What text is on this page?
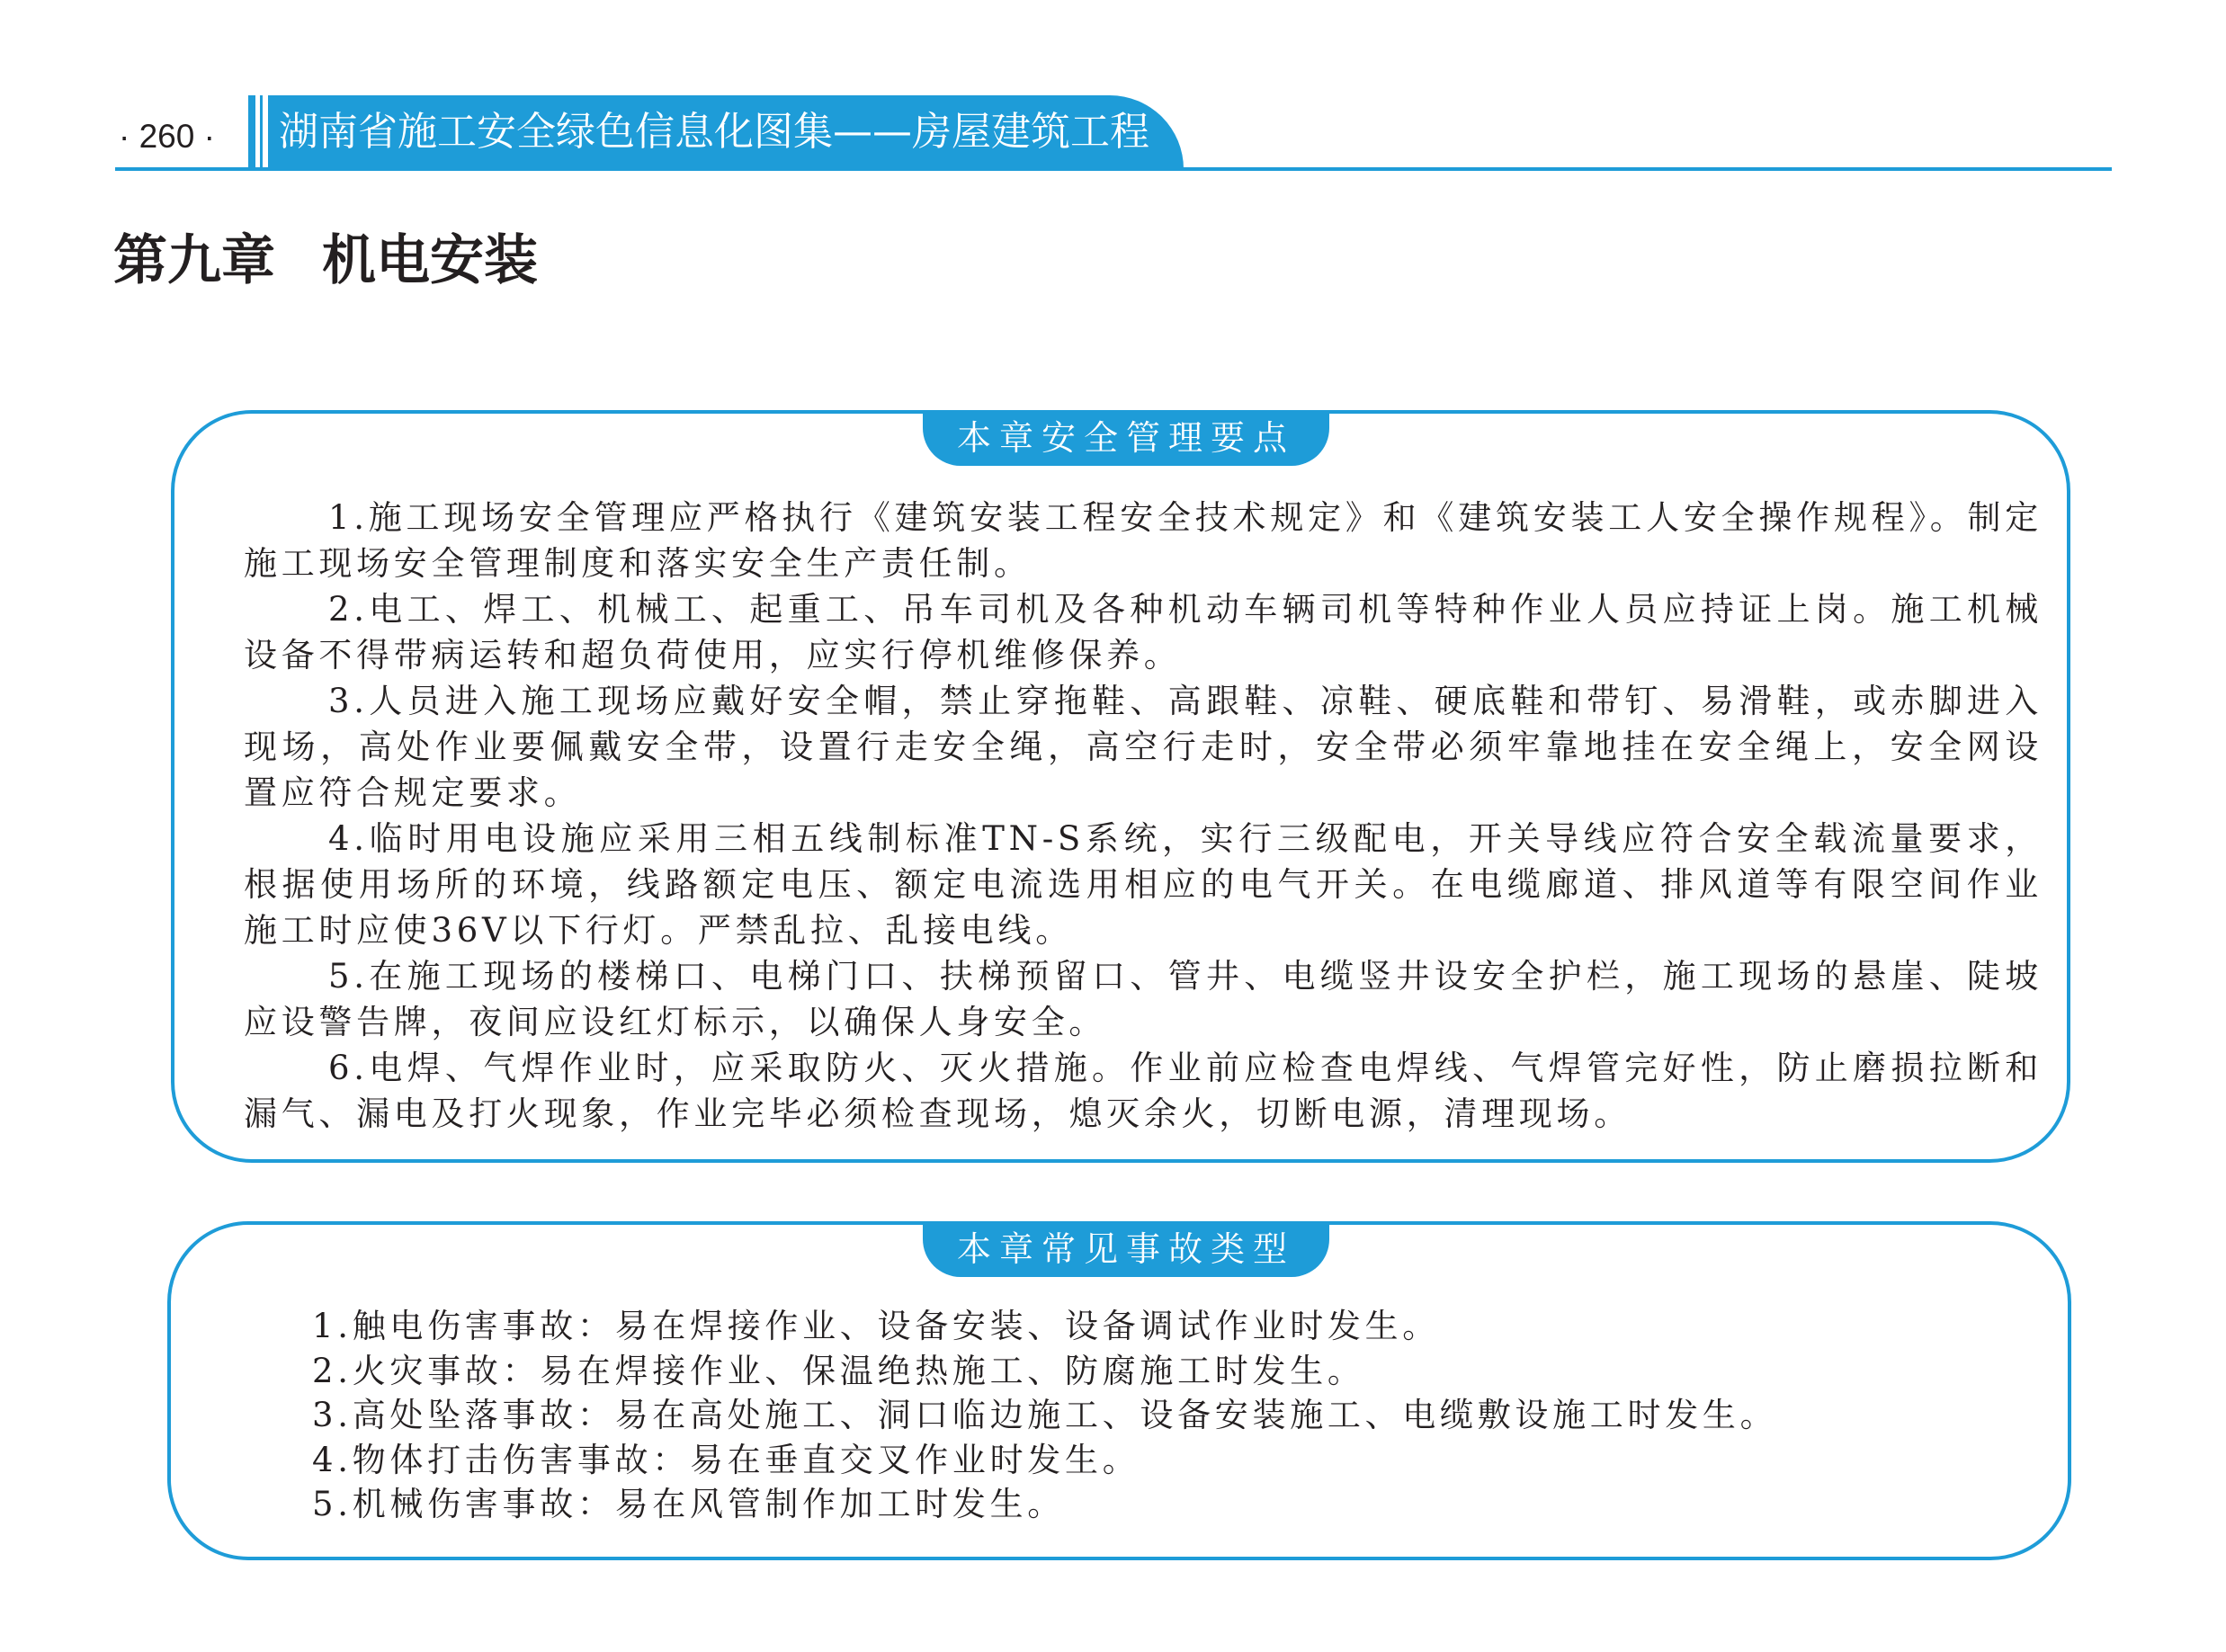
· 260 · 湖南省施工安全绿色信息化图集——房屋建筑工程
第九章 机电安装
本章安全管理要点

1.施工现场安全管理应严格执行《建筑安装工程安全技术规定》和《建筑安装工人安全操作规程》。制定施工现场安全管理制度和落实安全生产责任制。

2.电工、焊工、机械工、起重工、吊车司机及各种机动车辆司机等特种作业人员应持证上岗。施工机械设备不得带病运转和超负荷使用，应实行停机维修保养。

3.人员进入施工现场应戴好安全帽，禁止穿拖鞋、高跟鞋、凉鞋、硬底鞋和带钉、易滑鞋，或赤脚进入现场，高处作业要佩戴安全带，设置行走安全绳，高空行走时，安全带必须牢靠地挂在安全绳上，安全网设置应符合规定要求。

4.临时用电设施应采用三相五线制标准TN-S系统，实行三级配电，开关导线应符合安全载流量要求，根据使用场所的环境，线路额定电压、额定电流选用相应的电气开关。在电缆廊道、排风道等有限空间作业施工时应使36V以下行灯。严禁乱拉、乱接电线。

5.在施工现场的楼梯口、电梯门口、扶梯预留口、管井、电缆竖井设安全护栏，施工现场的悬崖、陡坡应设警告牌，夜间应设红灯标示，以确保人身安全。

6.电焊、气焊作业时，应采取防火、灭火措施。作业前应检查电焊线、气焊管完好性，防止磨损拉断和漏气、漏电及打火现象，作业完毕必须检查现场，熄灭余火，切断电源，清理现场。

本章常见事故类型

1.触电伤害事故：易在焊接作业、设备安装、设备调试作业时发生。

2.火灾事故：易在焊接作业、保温绝热施工、防腐施工时发生。

3.高处坠落事故：易在高处施工、洞口临边施工、设备安装施工、电缆敷设施工时发生。

4.物体打击伤害事故：易在垂直交叉作业时发生。

5.机械伤害事故：易在风管制作加工时发生。
